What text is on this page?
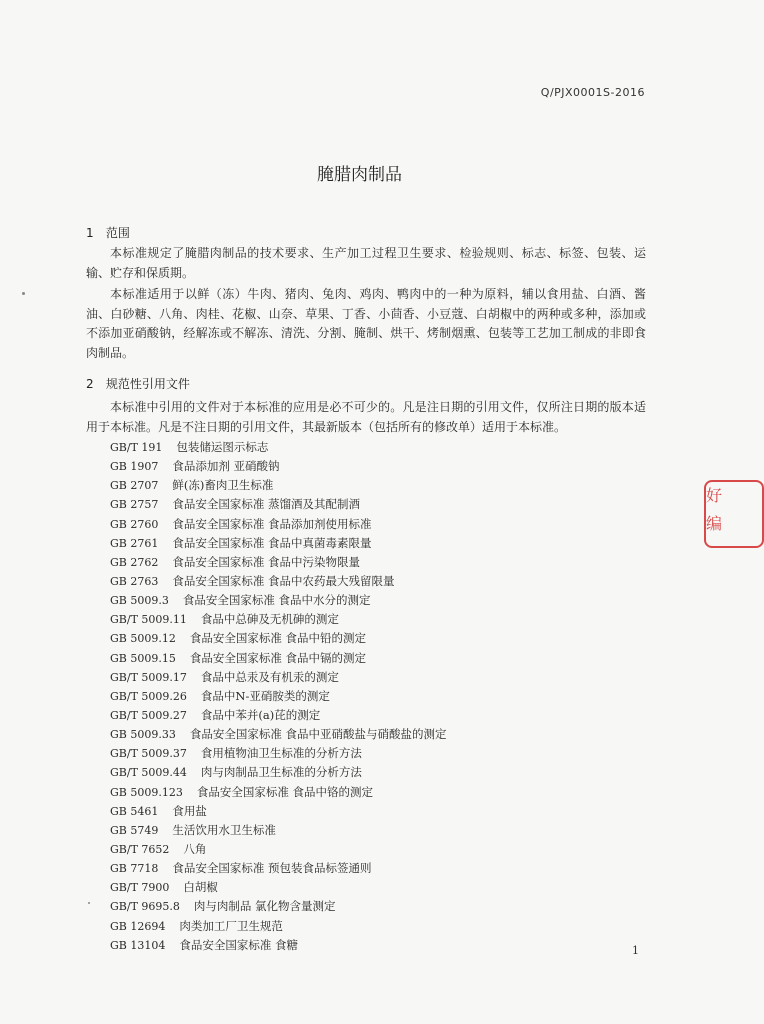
Q/PJX0001S-2016
腌腊肉制品
1 范围
本标准规定了腌腊肉制品的技术要求、生产加工过程卫生要求、检验规则、标志、标签、包装、运输、贮存和保质期。
本标准适用于以鲜（冻）牛肉、猪肉、兔肉、鸡肉、鸭肉中的一种为原料，辅以食用盐、白酒、酱油、白砂糖、八角、肉桂、花椒、山奈、草果、丁香、小茴香、小豆蔻、白胡椒中的两种或多种，添加或不添加亚硝酸钠，经解冻或不解冻、清洗、分割、腌制、烘干、烤制烟熏、包装等工艺加工制成的非即食肉制品。
2 规范性引用文件
本标准中引用的文件对于本标准的应用是必不可少的。凡是注日期的引用文件，仅所注日期的版本适用于本标准。凡是不注日期的引用文件，其最新版本（包括所有的修改单）适用于本标准。
GB/T 191 包装储运图示标志
GB 1907 食品添加剂 亚硝酸钠
GB 2707 鲜(冻)畜肉卫生标准
GB 2757 食品安全国家标准 蒸馏酒及其配制酒
GB 2760 食品安全国家标准 食品添加剂使用标准
GB 2761 食品安全国家标准 食品中真菌毒素限量
GB 2762 食品安全国家标准 食品中污染物限量
GB 2763 食品安全国家标准 食品中农药最大残留限量
GB 5009.3 食品安全国家标准 食品中水分的测定
GB/T 5009.11 食品中总砷及无机砷的测定
GB 5009.12 食品安全国家标准 食品中铅的测定
GB 5009.15 食品安全国家标准 食品中镉的测定
GB/T 5009.17 食品中总汞及有机汞的测定
GB/T 5009.26 食品中N-亚硝胺类的测定
GB/T 5009.27 食品中苯并(a)芘的测定
GB 5009.33 食品安全国家标准 食品中亚硝酸盐与硝酸盐的测定
GB/T 5009.37 食用植物油卫生标准的分析方法
GB/T 5009.44 肉与肉制品卫生标准的分析方法
GB 5009.123 食品安全国家标准 食品中铬的测定
GB 5461 食用盐
GB 5749 生活饮用水卫生标准
GB/T 7652 八角
GB 7718 食品安全国家标准 预包装食品标签通则
GB/T 7900 白胡椒
GB/T 9695.8 肉与肉制品 氯化物含量测定
GB 12694 肉类加工厂卫生规范
GB 13104 食品安全国家标准 食糖	1
好
编
